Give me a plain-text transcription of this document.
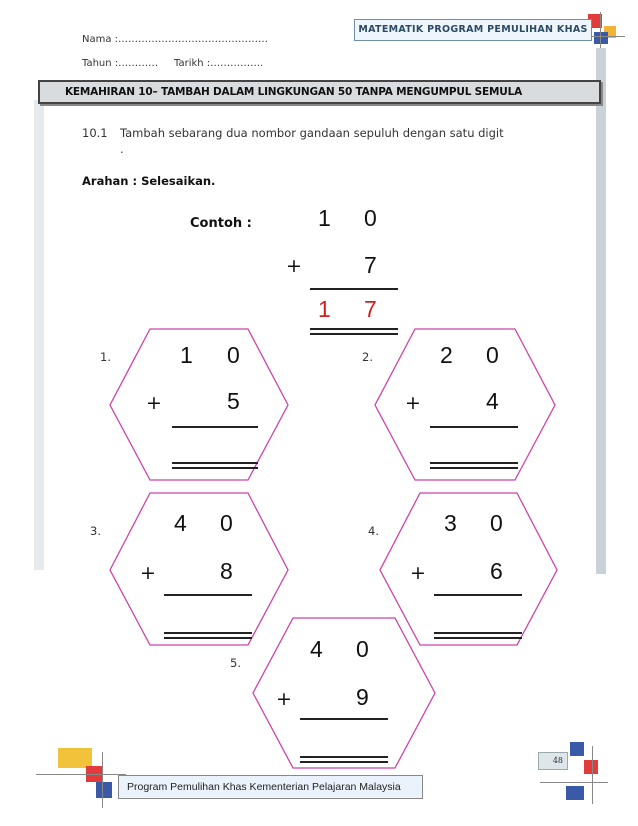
Nama :………………………………………
Tahun :………… Tarikh :…………….
MATEMATIK PROGRAM PEMULIHAN KHAS
KEMAHIRAN 10– TAMBAH DALAM LINGKUNGAN 50 TANPA MENGUMPUL SEMULA
10.1 Tambah sebarang dua nombor gandaan sepuluh dengan satu digit
.
Arahan : Selesaikan.
Contoh :	1 0
+	7
1 7
1.	1 0
+	5
2.	2 0
+	4
3.	4 0
+	8
4.	3 0
+	6
5.
4 0
+	9
48
Program Pemulihan Khas Kementerian Pelajaran Malaysia
